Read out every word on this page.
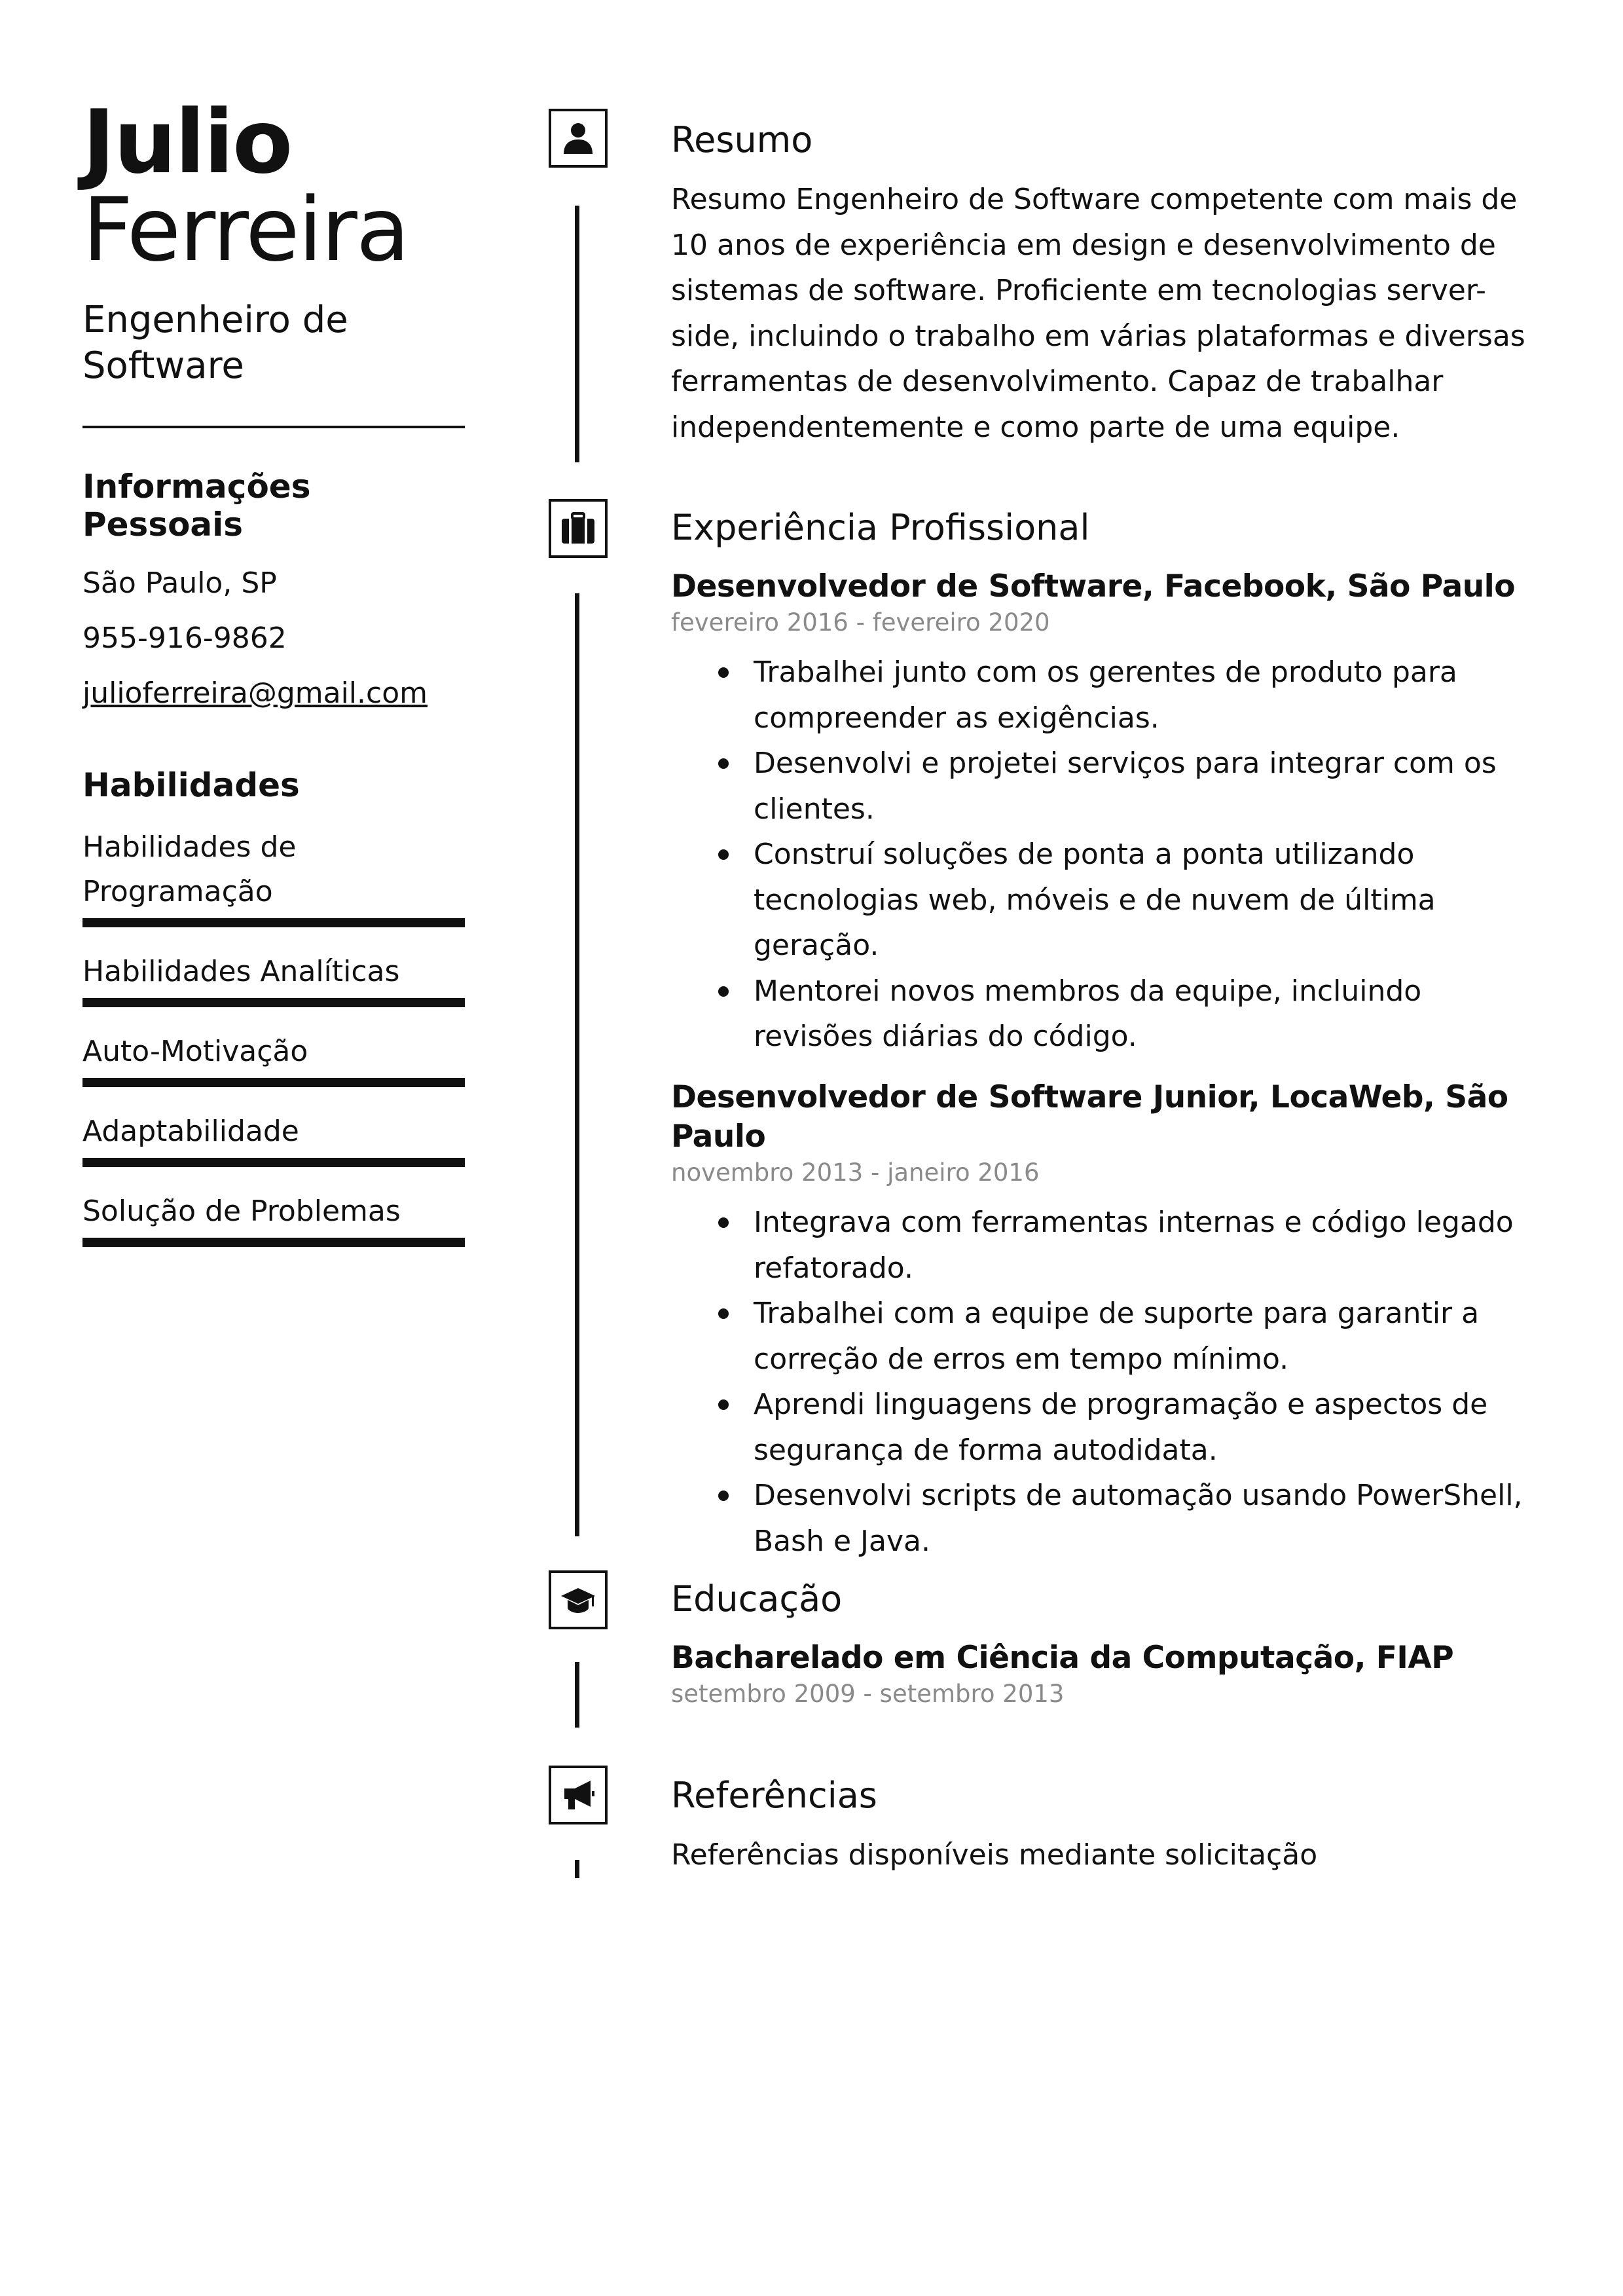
Julio
Ferreira
Engenheiro de Software
Informações Pessoais
São Paulo, SP
955-916-9862
julioferreira@gmail.com
Habilidades
Habilidades de Programação
Habilidades Analíticas
Auto-Motivação
Adaptabilidade
Solução de Problemas
Resumo
Resumo Engenheiro de Software competente com mais de 10 anos de experiência em design e desenvolvimento de sistemas de software. Proficiente em tecnologias server-side, incluindo o trabalho em várias plataformas e diversas ferramentas de desenvolvimento. Capaz de trabalhar independentemente e como parte de uma equipe.
Experiência Profissional
Desenvolvedor de Software, Facebook, São Paulo
fevereiro 2016 - fevereiro 2020
Trabalhei junto com os gerentes de produto para compreender as exigências.
Desenvolvi e projetei serviços para integrar com os clientes.
Construí soluções de ponta a ponta utilizando tecnologias web, móveis e de nuvem de última geração.
Mentorei novos membros da equipe, incluindo revisões diárias do código.
Desenvolvedor de Software Junior, LocaWeb, São Paulo
novembro 2013 - janeiro 2016
Integrava com ferramentas internas e código legado refatorado.
Trabalhei com a equipe de suporte para garantir a correção de erros em tempo mínimo.
Aprendi linguagens de programação e aspectos de segurança de forma autodidata.
Desenvolvi scripts de automação usando PowerShell, Bash e Java.
Educação
Bacharelado em Ciência da Computação, FIAP
setembro 2009 - setembro 2013
Referências
Referências disponíveis mediante solicitação
